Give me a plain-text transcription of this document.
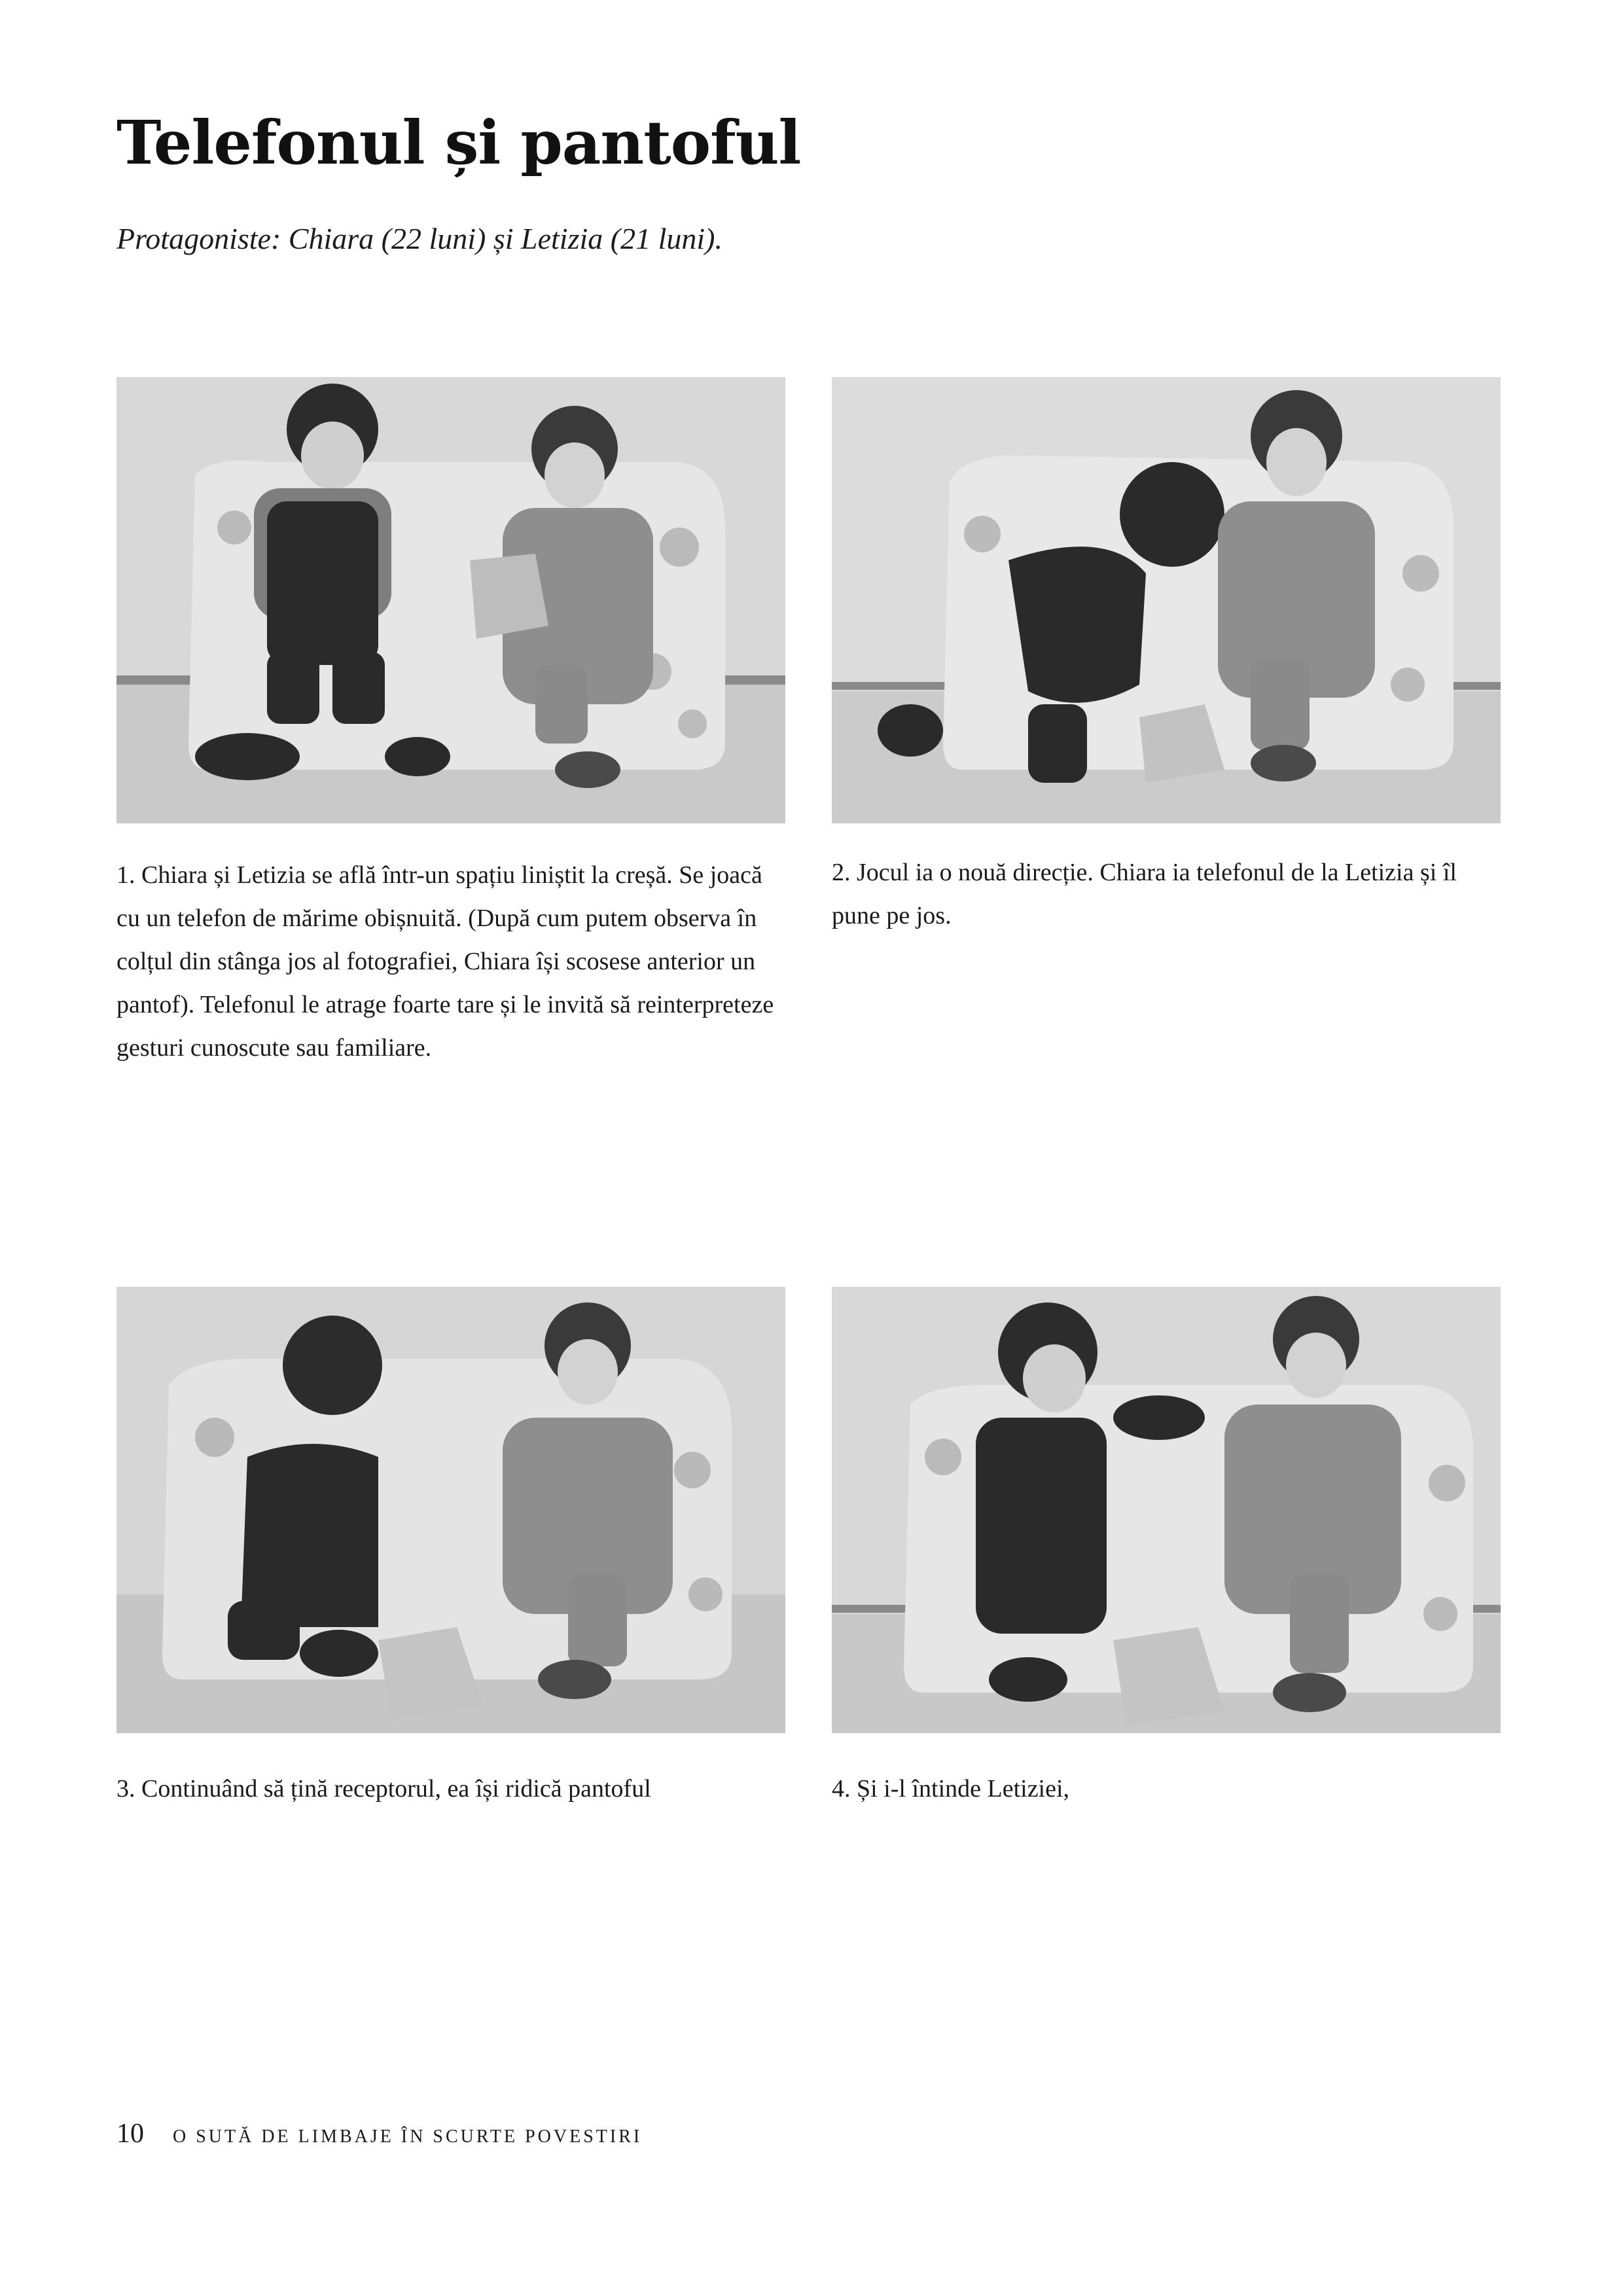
Telefonul și pantoful

Protagoniste: Chiara (22 luni) și Letizia (21 luni).

1. Chiara și Letizia se află într-un spațiu liniștit la creșă. Se joacă cu un telefon de mărime obișnuită. (După cum putem observa în colțul din stânga jos al fotografiei, Chiara își scosese anterior un pantof). Telefonul le atrage foarte tare și le invită să reinterpreteze gesturi cunoscute sau familiare.

2. Jocul ia o nouă direcție. Chiara ia telefonul de la Letizia și îl pune pe jos.

3. Continuând să țină receptorul, ea își ridică pantoful	4. Și i-l întinde Letiziei,

10 O SUTĂ DE LIMBAJE ÎN SCURTE POVESTIRI
